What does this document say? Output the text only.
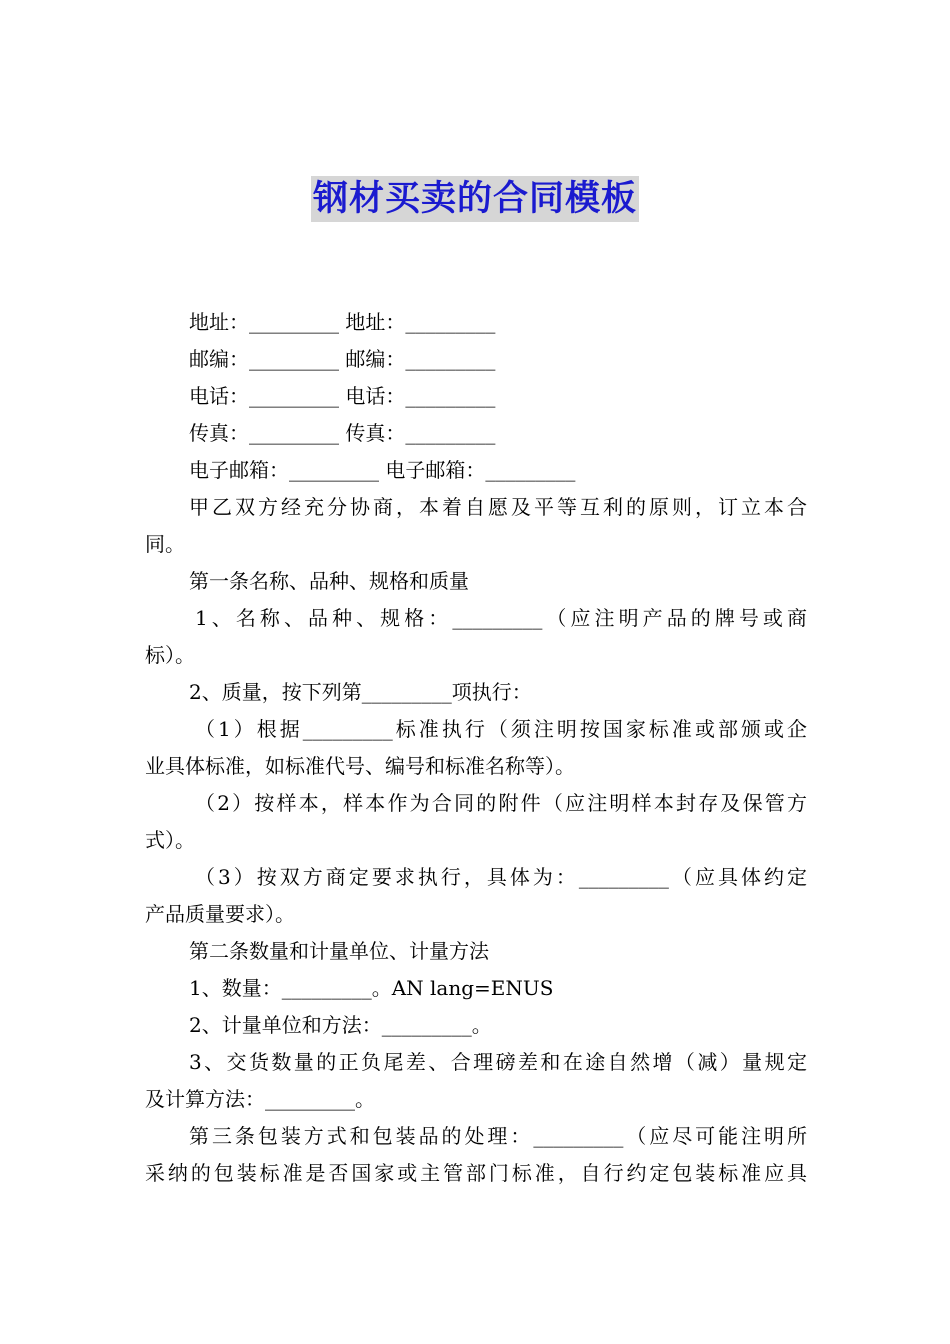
钢材买卖的合同模板

地址：_________ 地址：_________

邮编：_________ 邮编：_________

电话：_________ 电话：_________

传真：_________ 传真：_________

电子邮箱：_________ 电子邮箱：_________

甲乙双方经充分协商，本着自愿及平等互利的原则，订立本合

同。

第一条名称、品种、规格和质量

1、名称、品种、规格：_________（应注明产品的牌号或商

标）。

2、质量，按下列第_________项执行：

（1）根据_________标准执行（须注明按国家标准或部颁或企

业具体标准，如标准代号、编号和标准名称等）。

（2）按样本，样本作为合同的附件（应注明样本封存及保管方

式）。

（3）按双方商定要求执行，具体为：_________（应具体约定

产品质量要求）。

第二条数量和计量单位、计量方法

1、数量：_________。AN lang=ENUS

2、计量单位和方法：_________。

3、交货数量的正负尾差、合理磅差和在途自然增（减）量规定

及计算方法：_________。

第三条包装方式和包装品的处理：_________（应尽可能注明所

采纳的包装标准是否国家或主管部门标准，自行约定包装标准应具
